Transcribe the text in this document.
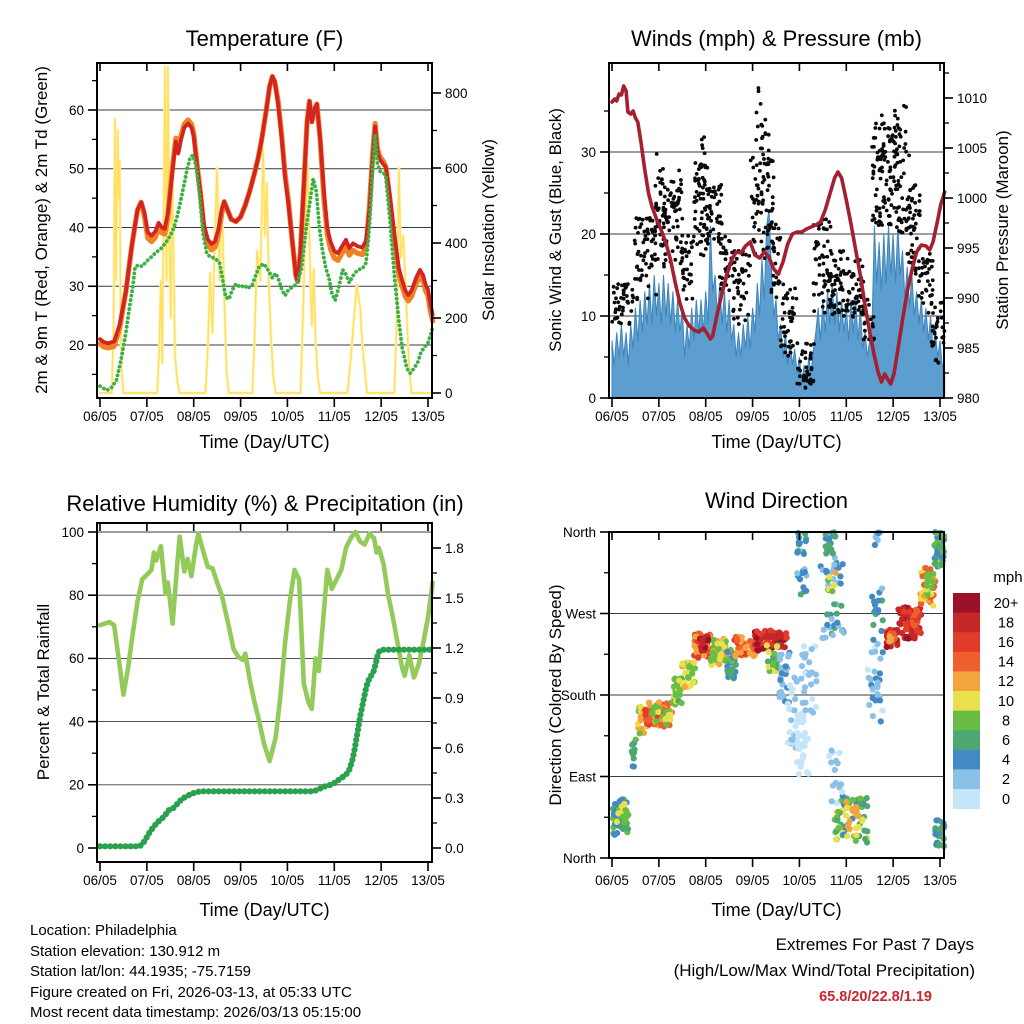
06/05 07/05 08/05 09/05 10/05 11/05 12/05 13/05
20
30
40
50
60
0
200
400
600
800
06/05 07/05 08/05 09/05 10/05 11/05 12/05 13/05
0
10
20
30
980
985
990
995
1000
1005
1010
06/05 07/05 08/05 09/05 10/05 11/05 12/05 13/05
0
20
40
60
80
100
0.0
0.3
0.6
0.9
1.2
1.5
1.8
06/05 07/05 08/05 09/05 10/05 11/05 12/05 13/05
North
West
South
East
North
20+
18
16
14
12
10
8
6
4
2
0
Temperature (F)	Winds (mph) & Pressure (mb)
Relative Humidity (%) & Precipitation (in)	Wind Direction
Time (Day/UTC)	Time (Day/UTC)
Time (Day/UTC)	Time (Day/UTC)
2m & 9m T (Red, Orange) & 2m Td (Green)	Solar Insolation (Yellow)	Sonic Wind & Gust (Blue, Black)	Station Pressure (Maroon)
Percent & Total Rainfall	Direction (Colored By Speed)
mph
Location: Philadelphia
Station elevation: 130.912 m
Station lat/lon: 44.1935; -75.7159
Figure created on Fri, 2026-03-13, at 05:33 UTC
Most recent data timestamp: 2026/03/13 05:15:00
Extremes For Past 7 Days
(High/Low/Max Wind/Total Precipitation)
65.8/20/22.8/1.19
